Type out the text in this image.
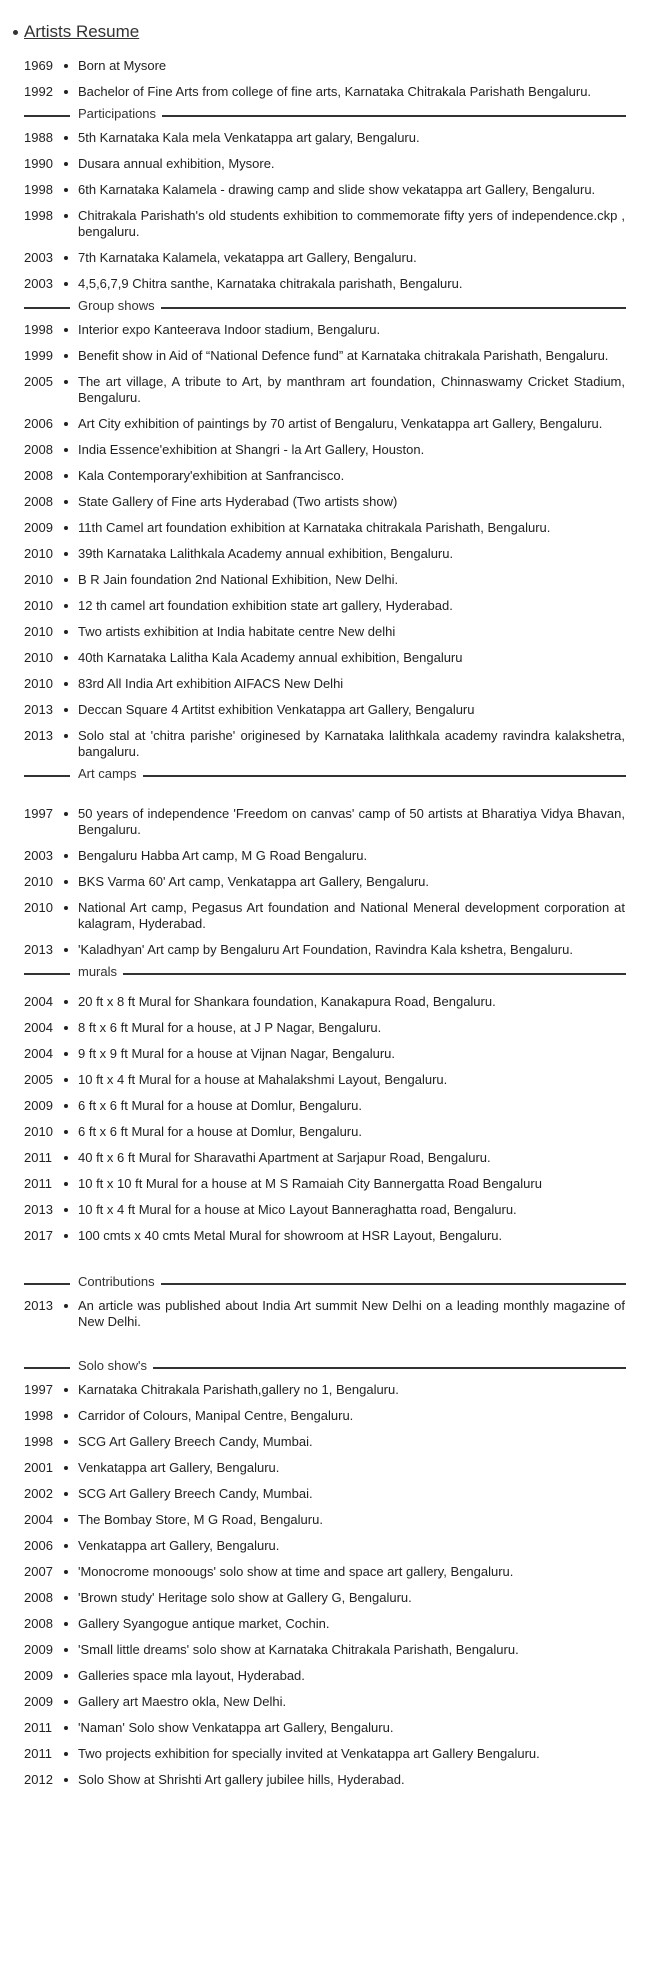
Artists Resume
1969	Born at Mysore
1992	Bachelor of Fine Arts from college of fine arts, Karnataka Chitrakala Parishath Bengaluru.
Participations
1988	5th Karnataka Kala mela Venkatappa art galary, Bengaluru.
1990	Dusara annual exhibition, Mysore.
1998	6th Karnataka Kalamela - drawing camp and slide show vekatappa art Gallery, Bengaluru.
1998	Chitrakala Parishath's old students exhibition to commemorate fifty yers of independence.ckp , bengaluru.
2003	7th Karnataka Kalamela, vekatappa art Gallery, Bengaluru.
2003	4,5,6,7,9 Chitra santhe, Karnataka chitrakala parishath, Bengaluru.
Group shows
1998	Interior expo Kanteerava Indoor stadium, Bengaluru.
1999	Benefit show in Aid of “National Defence fund” at Karnataka chitrakala Parishath, Bengaluru.
2005	The art village, A tribute to Art, by manthram art foundation, Chinnaswamy Cricket Stadium, Bengaluru.
2006	Art City exhibition of paintings by 70 artist of Bengaluru, Venkatappa art Gallery, Bengaluru.
2008	India Essence'exhibition at Shangri - la Art Gallery, Houston.
2008	Kala Contemporary'exhibition at Sanfrancisco.
2008	State Gallery of Fine arts Hyderabad (Two artists show)
2009	11th Camel art foundation exhibition at Karnataka chitrakala Parishath, Bengaluru.
2010	39th Karnataka Lalithkala Academy annual exhibition, Bengaluru.
2010	B R Jain foundation 2nd National Exhibition, New Delhi.
2010	12 th camel art foundation exhibition state art gallery, Hyderabad.
2010	Two artists exhibition at India habitate centre New delhi
2010	40th Karnataka Lalitha Kala Academy annual exhibition, Bengaluru
2010	83rd All India Art exhibition AIFACS New Delhi
2013	Deccan Square 4 Artitst exhibition Venkatappa art Gallery, Bengaluru
2013	Solo stal at 'chitra parishe' originesed by Karnataka lalithkala academy ravindra kalakshetra, bangaluru.
Art camps
1997	50 years of independence 'Freedom on canvas' camp of 50 artists at Bharatiya Vidya Bhavan, Bengaluru.
2003	Bengaluru Habba Art camp, M G Road Bengaluru.
2010	BKS Varma 60' Art camp, Venkatappa art Gallery, Bengaluru.
2010	National Art camp, Pegasus Art foundation and National Meneral development corporation at kalagram, Hyderabad.
2013	'Kaladhyan' Art camp by Bengaluru Art Foundation, Ravindra Kala kshetra, Bengaluru.
murals
2004	20 ft x 8 ft Mural for Shankara foundation, Kanakapura Road, Bengaluru.
2004	8 ft x 6 ft Mural for a house, at J P Nagar, Bengaluru.
2004	9 ft x 9 ft Mural for a house at Vijnan Nagar, Bengaluru.
2005	10 ft x 4 ft Mural for a house at Mahalakshmi Layout, Bengaluru.
2009	6 ft x 6 ft Mural for a house at Domlur, Bengaluru.
2010	6 ft x 6 ft Mural for a house at Domlur, Bengaluru.
2011	40 ft x 6 ft Mural for Sharavathi Apartment at Sarjapur Road, Bengaluru.
2011	10 ft x 10 ft Mural for a house at M S Ramaiah City Bannergatta Road Bengaluru
2013	10 ft x 4 ft Mural for a house at Mico Layout Banneraghatta road, Bengaluru.
2017	100 cmts x 40 cmts Metal Mural for showroom at HSR Layout, Bengaluru.
Contributions
2013	An article was published about India Art summit New Delhi on a leading monthly magazine of New Delhi.
Solo show's
1997	Karnataka Chitrakala Parishath,gallery no 1, Bengaluru.
1998	Carridor of Colours, Manipal Centre, Bengaluru.
1998	SCG Art Gallery Breech Candy, Mumbai.
2001	Venkatappa art Gallery, Bengaluru.
2002	SCG Art Gallery Breech Candy, Mumbai.
2004	The Bombay Store, M G Road, Bengaluru.
2006	Venkatappa art Gallery, Bengaluru.
2007	'Monocrome monoougs' solo show at time and space art gallery, Bengaluru.
2008	'Brown study' Heritage solo show at Gallery G, Bengaluru.
2008	Gallery Syangogue antique market, Cochin.
2009	'Small little dreams' solo show at Karnataka Chitrakala Parishath, Bengaluru.
2009	Galleries space mla layout, Hyderabad.
2009	Gallery art Maestro okla, New Delhi.
2011	'Naman' Solo show Venkatappa art Gallery, Bengaluru.
2011	Two projects exhibition for specially invited at Venkatappa art Gallery Bengaluru.
2012	Solo Show at Shrishti Art gallery jubilee hills, Hyderabad.
